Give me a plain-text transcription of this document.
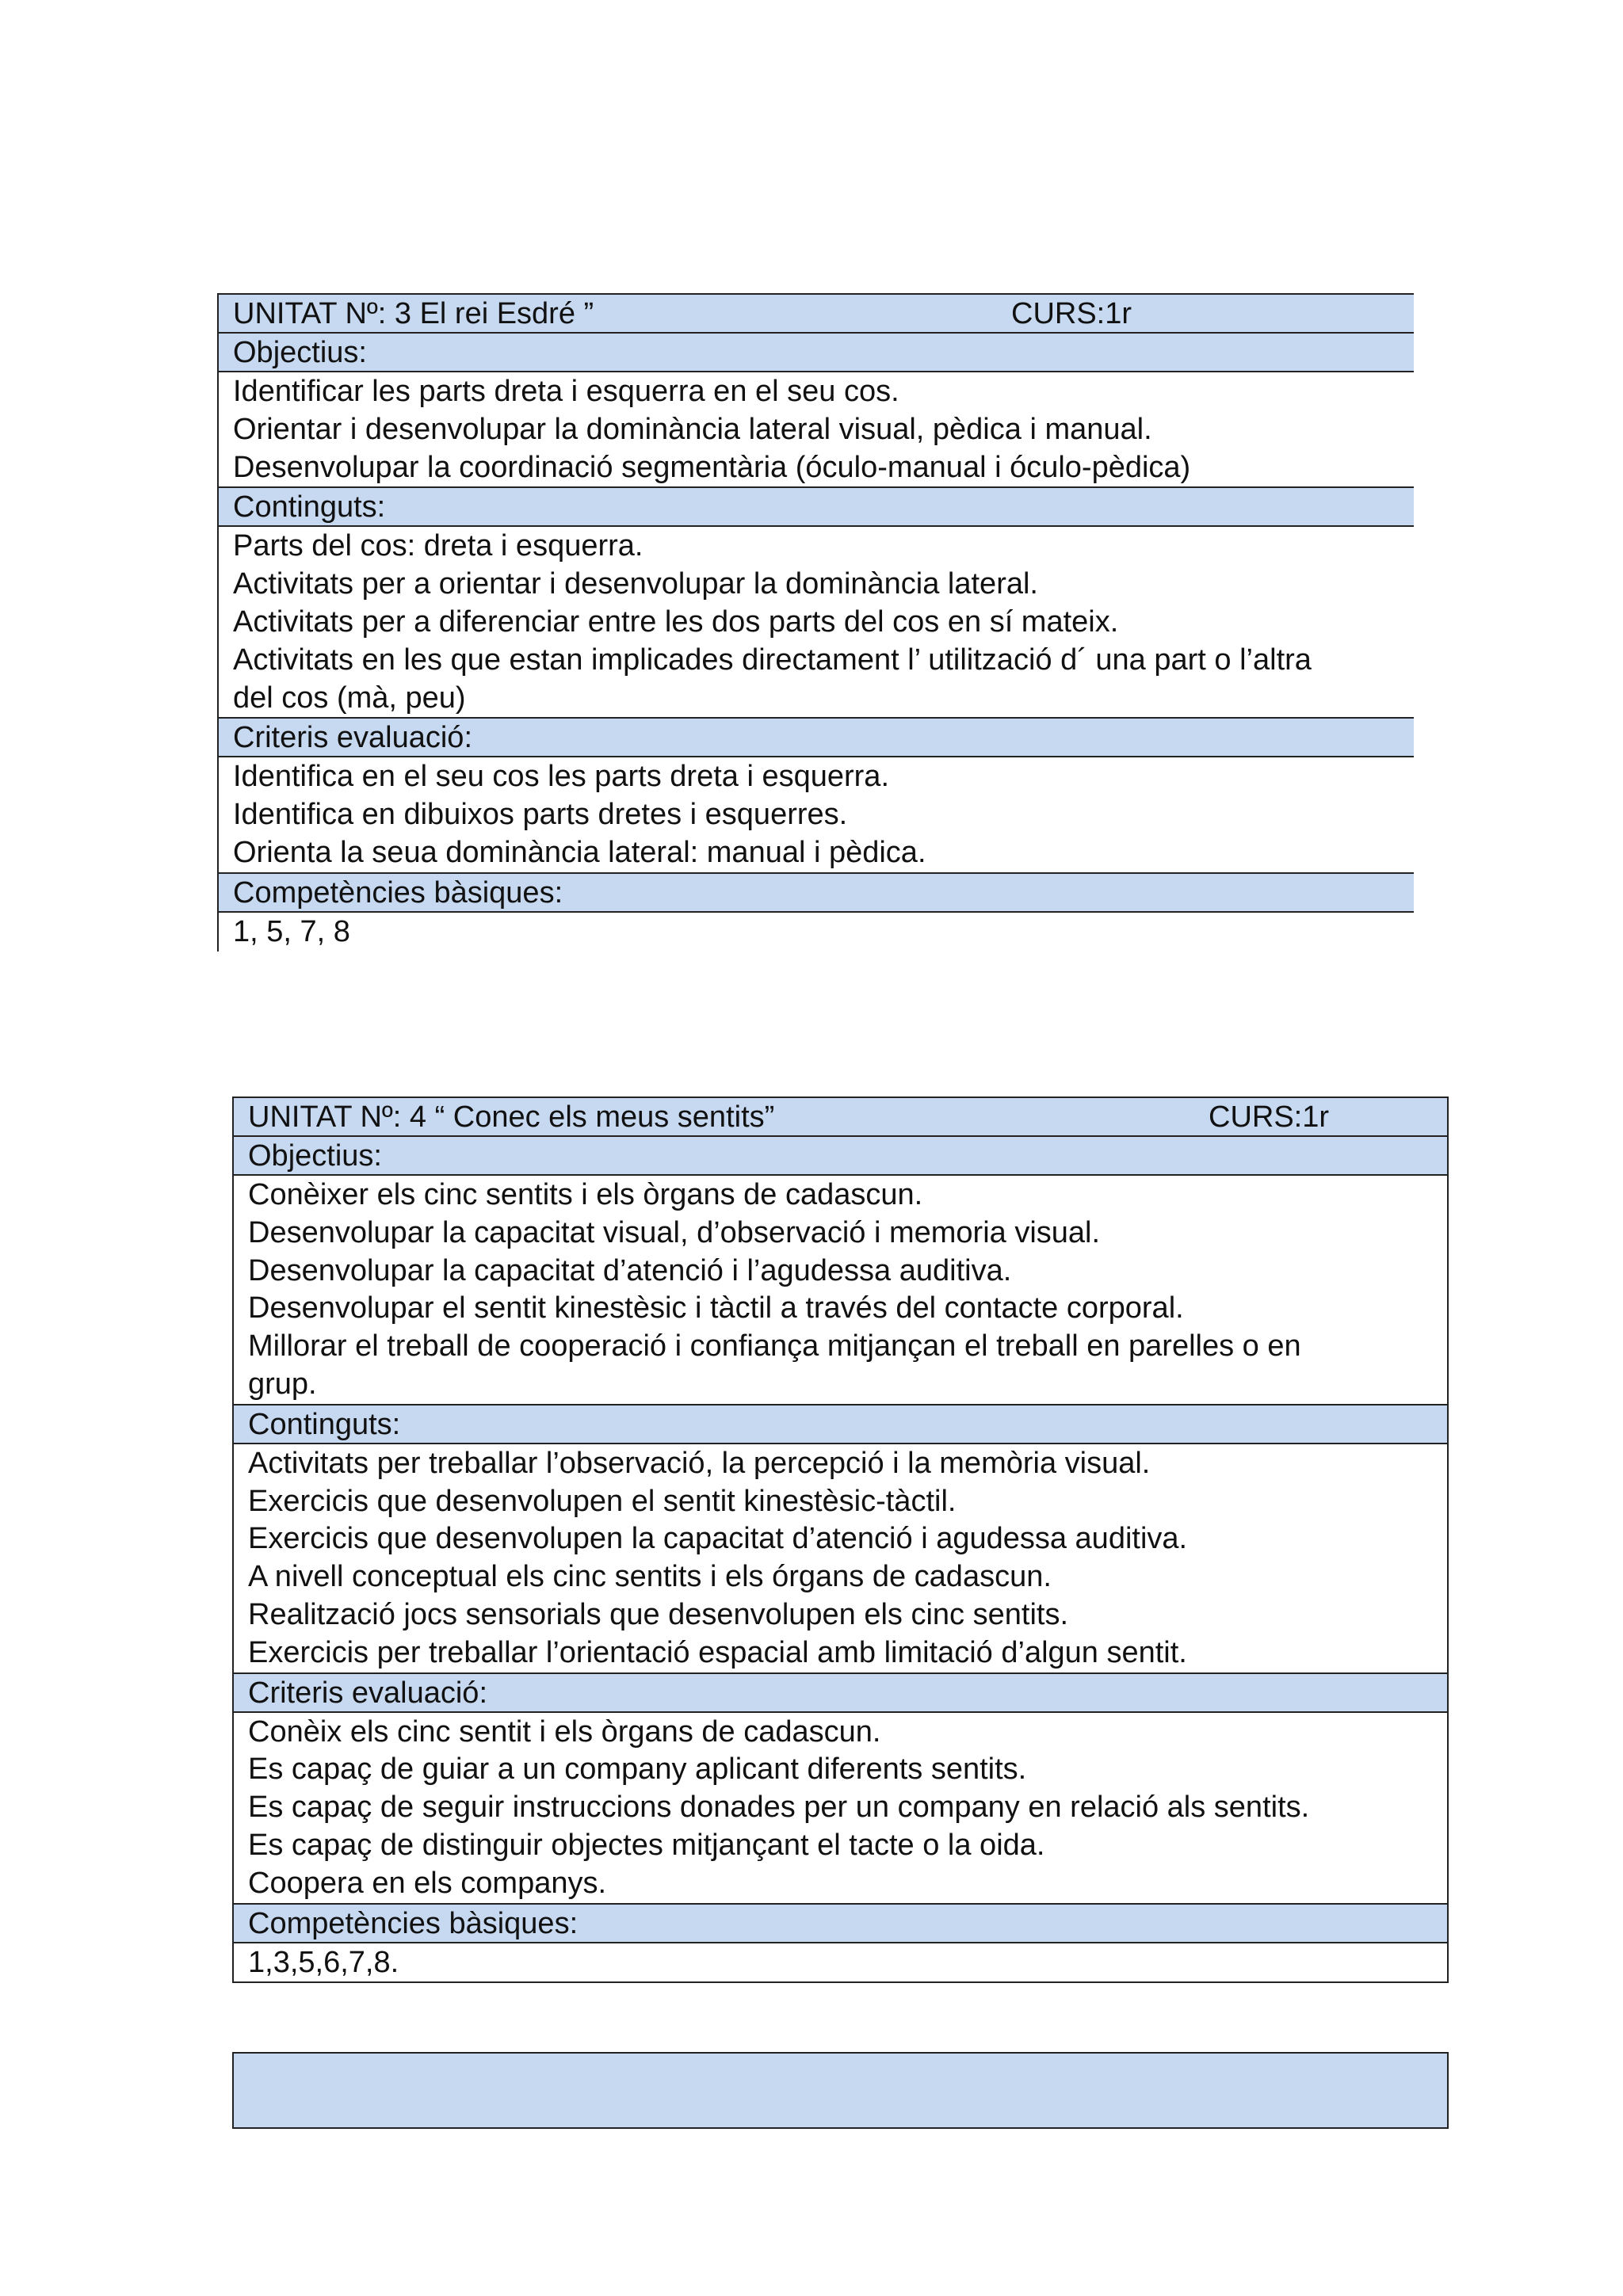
UNITAT Nº: 3 El rei Esdré ”	CURS:1r
Objectius:
Identificar les parts dreta i esquerra en el seu cos.
Orientar i desenvolupar la dominància lateral visual, pèdica i manual.
Desenvolupar la coordinació segmentària (óculo-manual i óculo-pèdica)
Continguts:
Parts del cos: dreta i esquerra.
Activitats per a orientar i desenvolupar la dominància lateral.
Activitats per a diferenciar entre les dos parts del cos en sí mateix.
Activitats en les que estan implicades directament l’ utilització d´ una part o l’altra
del cos (mà, peu)
Criteris evaluació:
Identifica en el seu cos les parts dreta i esquerra.
Identifica en dibuixos parts dretes i esquerres.
Orienta la seua dominància lateral: manual i pèdica.
Competències bàsiques:
1, 5, 7, 8
UNITAT Nº: 4 “ Conec els meus sentits”	CURS:1r
Objectius:
Conèixer els cinc sentits i els òrgans de cadascun.
Desenvolupar la capacitat visual, d’observació i memoria visual.
Desenvolupar la capacitat d’atenció i l’agudessa auditiva.
Desenvolupar el sentit kinestèsic i tàctil a través del contacte corporal.
Millorar el treball de cooperació i confiança mitjançan el treball en parelles o en
grup.
Continguts:
Activitats per treballar l’observació, la percepció i la memòria visual.
Exercicis que desenvolupen el sentit kinestèsic-tàctil.
Exercicis que desenvolupen la capacitat d’atenció i agudessa auditiva.
A nivell conceptual els cinc sentits i els órgans de cadascun.
Realització jocs sensorials que desenvolupen els cinc sentits.
Exercicis per treballar l’orientació espacial amb limitació d’algun sentit.
Criteris evaluació:
Conèix els cinc sentit i els òrgans de cadascun.
Es capaç de guiar a un company aplicant diferents sentits.
Es capaç de seguir instruccions donades per un company en relació als sentits.
Es capaç de distinguir objectes mitjançant el tacte o la oida.
Coopera en els companys.
Competències bàsiques:
1,3,5,6,7,8.
